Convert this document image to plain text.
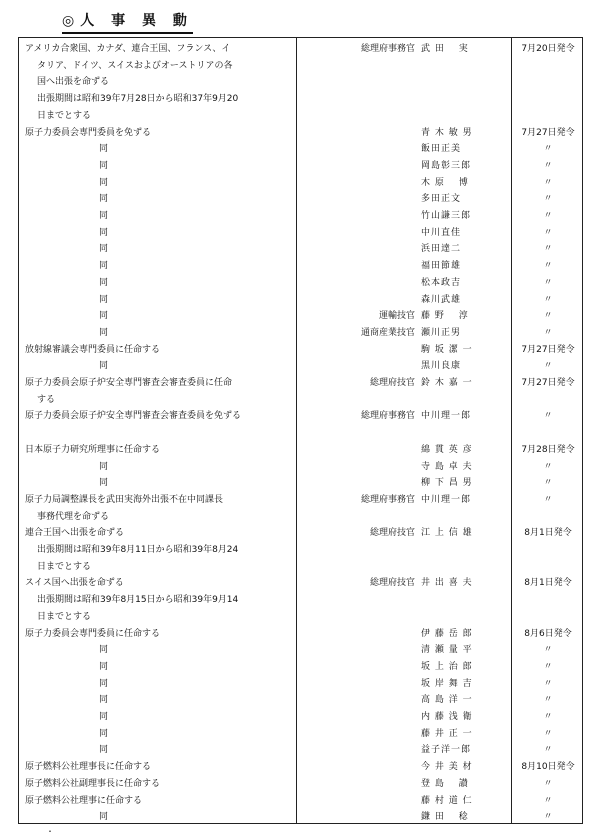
◎人 事 異 動
アメリカ合衆国、カナダ、連合王国、フランス、イ	総理府事務官 武 田　 実	7月20日発令
タリア、ドイツ、スイスおよびオーストリアの各
国へ出張を命ずる
出張期間は昭和39年7月28日から昭和37年9月20
日までとする
原子力委員会専門委員を免ずる	青 木 敏 男	7月27日発令
同	飯田正美	〃
同	岡島彰三郎	〃
同	木 原 　博	〃
同	多田正文	〃
同	竹山謙三郎	〃
同	中川直佳	〃
同	浜田達二	〃
同	福田節雄	〃
同	松本政吉	〃
同	森川武雄	〃
同	運輸技官 藤 野 　淳	〃
同	通商産業技官 瀬川正男	〃
放射線審議会専門委員に任命する	駒 坂 潔 一	7月27日発令
同	黒川良康	〃
原子力委員会原子炉安全専門審査会審査委員に任命	総理府技官 鈴 木 嘉 一	7月27日発令
する
原子力委員会原子炉安全専門審査会審査委員を免ずる	総理府事務官 中川理一郎	〃
日本原子力研究所理事に任命する	綿 貫 英 彦	7月28日発令
同	寺 島 卓 夫	〃
同	柳 下 昌 男	〃
原子力局調整課長を武田実海外出張不在中同課長	総理府事務官 中川理一郎	〃
事務代理を命ずる
連合王国へ出張を命ずる	総理府技官 江 上 信 雄	8月1日発令
出張期間は昭和39年8月11日から昭和39年8月24
日までとする
スイス国へ出張を命ずる	総理府技官 井 出 喜 夫	8月1日発令
出張期間は昭和39年8月15日から昭和39年9月14
日までとする
原子力委員会専門委員に任命する	伊 藤 岳 郎	8月6日発令
同	清 瀬 量 平	〃
同	坂 上 治 郎	〃
同	坂 岸 舞 吉	〃
同	高 島 洋 一	〃
同	内 藤 浅 衛	〃
同	藤 井 正 一	〃
同	益子洋一郎	〃
原子燃料公社理事長に任命する	今 井 美 材	8月10日発令
原子燃料公社副理事長に任命する	登 島 　讃	〃
原子燃料公社理事に任命する	藤 村 道 仁	〃
同	鎌 田 　稔	〃
・
